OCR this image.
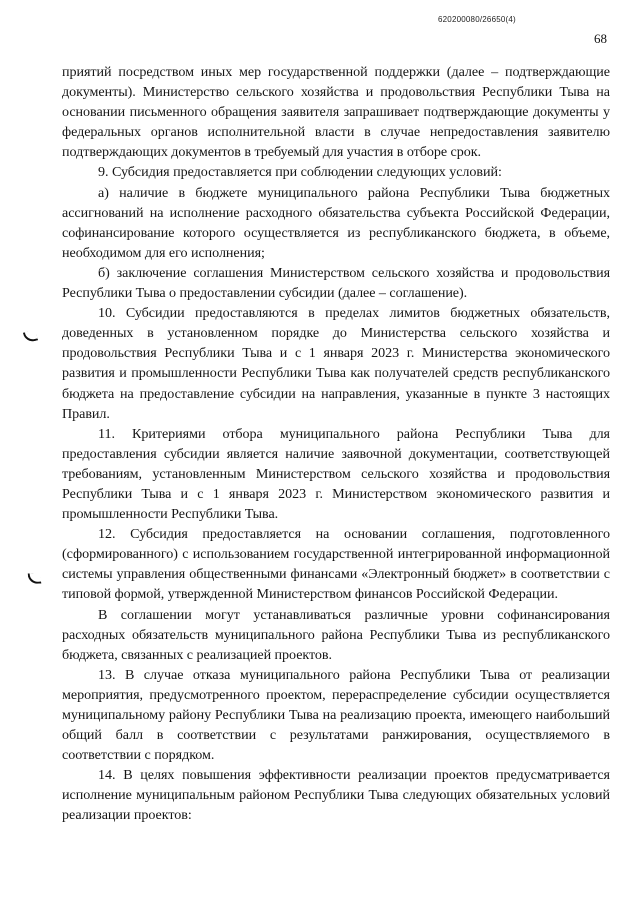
620200080/26650(4)
68

приятий посредством иных мер государственной поддержки (далее – подтверждающие документы). Министерство сельского хозяйства и продовольствия Республики Тыва на основании письменного обращения заявителя запрашивает подтверждающие документы у федеральных органов исполнительной власти в случае непредоставления заявителю подтверждающих документов в требуемый для участия в отборе срок.

9. Субсидия предоставляется при соблюдении следующих условий:

а) наличие в бюджете муниципального района Республики Тыва бюджетных ассигнований на исполнение расходного обязательства субъекта Российской Федерации, софинансирование которого осуществляется из республиканского бюджета, в объеме, необходимом для его исполнения;

б) заключение соглашения Министерством сельского хозяйства и продовольствия Республики Тыва о предоставлении субсидии (далее – соглашение).

10. Субсидии предоставляются в пределах лимитов бюджетных обязательств, доведенных в установленном порядке до Министерства сельского хозяйства и продовольствия Республики Тыва и с 1 января 2023 г. Министерства экономического развития и промышленности Республики Тыва как получателей средств республиканского бюджета на предоставление субсидии на направления, указанные в пункте 3 настоящих Правил.

11. Критериями отбора муниципального района Республики Тыва для предоставления субсидии является наличие заявочной документации, соответствующей требованиям, установленным Министерством сельского хозяйства и продовольствия Республики Тыва и с 1 января 2023 г. Министерством экономического развития и промышленности Республики Тыва.

12. Субсидия предоставляется на основании соглашения, подготовленного (сформированного) с использованием государственной интегрированной информационной системы управления общественными финансами «Электронный бюджет» в соответствии с типовой формой, утвержденной Министерством финансов Российской Федерации.

В соглашении могут устанавливаться различные уровни софинансирования расходных обязательств муниципального района Республики Тыва из республиканского бюджета, связанных с реализацией проектов.

13. В случае отказа муниципального района Республики Тыва от реализации мероприятия, предусмотренного проектом, перераспределение субсидии осуществляется муниципальному району Республики Тыва на реализацию проекта, имеющего наибольший общий балл в соответствии с результатами ранжирования, осуществляемого в соответствии с порядком.

14. В целях повышения эффективности реализации проектов предусматривается исполнение муниципальным районом Республики Тыва следующих обязательных условий реализации проектов:
